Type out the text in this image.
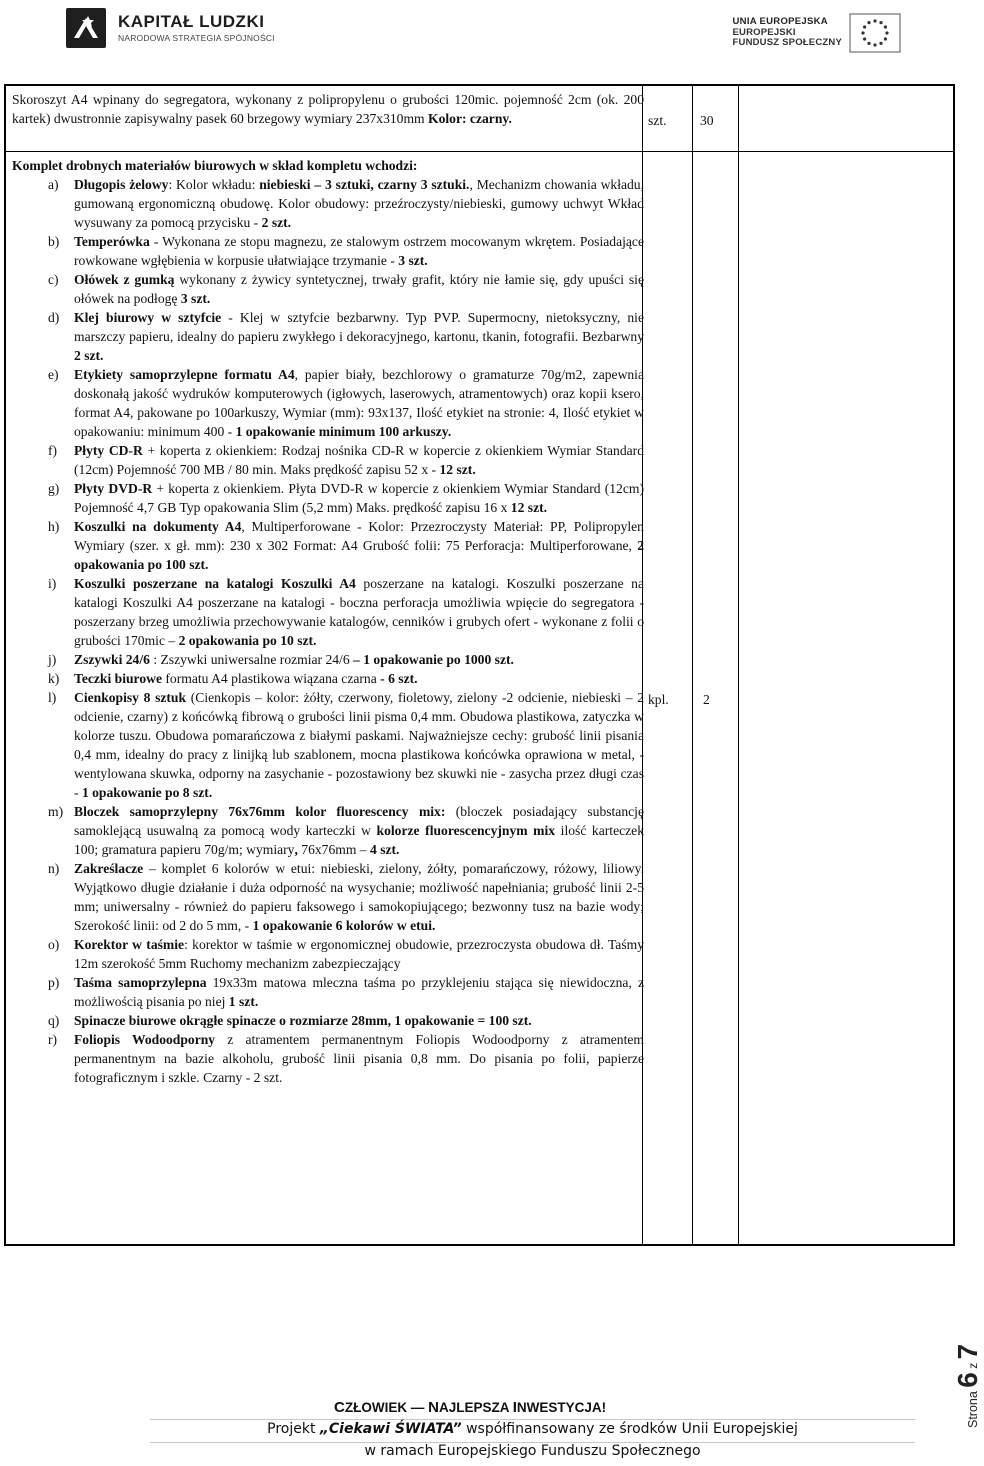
KAPITAŁ LUDZKI
NARODOWA STRATEGIA SPÓJNOŚCI
UNIA EUROPEJSKA
EUROPEJSKI
FUNDUSZ SPOŁECZNY

Skoroszyt A4 wpinany do segregatora, wykonany z polipropylenu o grubości 120mic. pojemność 2cm (ok. 200 kartek) dwustronnie zapisywalny pasek 60 brzegowy wymiary 237x310mm Kolor: czarny.	szt. 30

Komplet drobnych materiałów biurowych w skład kompletu wchodzi:

a) Długopis żelowy: Kolor wkładu: niebieski – 3 sztuki, czarny 3 sztuki., Mechanizm chowania wkładu, gumowaną ergonomiczną obudowę. Kolor obudowy: przeźroczysty/niebieski, gumowy uchwyt Wkład wysuwany za pomocą przycisku - 2 szt.

b) Temperówka - Wykonana ze stopu magnezu, ze stalowym ostrzem mocowanym wkrętem. Posiadające rowkowane wgłębienia w korpusie ułatwiające trzymanie - 3 szt.

c) Ołówek z gumką wykonany z żywicy syntetycznej, trwały grafit, który nie łamie się, gdy upuści się ołówek na podłogę 3 szt.

d) Klej biurowy w sztyfcie - Klej w sztyfcie bezbarwny. Typ PVP. Supermocny, nietoksyczny, nie marszczy papieru, idealny do papieru zwykłego i dekoracyjnego, kartonu, tkanin, fotografii. Bezbarwny 2 szt.

e) Etykiety samoprzylepne formatu A4, papier biały, bezchlorowy o gramaturze 70g/m2, zapewnia doskonałą jakość wydruków komputerowych (igłowych, laserowych, atramentowych) oraz kopii ksero, format A4, pakowane po 100arkuszy, Wymiar (mm): 93x137, Ilość etykiet na stronie: 4, Ilość etykiet w opakowaniu: minimum 400 - 1 opakowanie minimum 100 arkuszy.

f) Płyty CD-R + koperta z okienkiem: Rodzaj nośnika CD-R w kopercie z okienkiem Wymiar Standard (12cm) Pojemność 700 MB / 80 min. Maks prędkość zapisu 52 x - 12 szt.

g) Płyty DVD-R + koperta z okienkiem. Płyta DVD-R w kopercie z okienkiem Wymiar Standard (12cm) Pojemność 4,7 GB Typ opakowania Slim (5,2 mm) Maks. prędkość zapisu 16 x 12 szt.

h) Koszulki na dokumenty A4, Multiperforowane - Kolor: Przezroczysty Materiał: PP, Polipropylen Wymiary (szer. x gł. mm): 230 x 302 Format: A4 Grubość folii: 75 Perforacja: Multiperforowane, 2 opakowania po 100 szt.

i) Koszulki poszerzane na katalogi Koszulki A4 poszerzane na katalogi. Koszulki poszerzane na katalogi Koszulki A4 poszerzane na katalogi - boczna perforacja umożliwia wpięcie do segregatora - poszerzany brzeg umożliwia przechowywanie katalogów, cenników i grubych ofert - wykonane z folii o grubości 170mic – 2 opakowania po 10 szt.

j) Zszywki 24/6 : Zszywki uniwersalne rozmiar 24/6 – 1 opakowanie po 1000 szt.

k) Teczki biurowe formatu A4 plastikowa wiązana czarna - 6 szt.

l) Cienkopisy 8 sztuk (Cienkopis – kolor: żółty, czerwony, fioletowy, zielony -2 odcienie, niebieski – 2 odcienie, czarny) z końcówką fibrową o grubości linii pisma 0,4 mm. Obudowa plastikowa, zatyczka w kolorze tuszu. Obudowa pomarańczowa z białymi paskami. Najważniejsze cechy: grubość linii pisania 0,4 mm, idealny do pracy z linijką lub szablonem, mocna plastikowa końcówka oprawiona w metal, - wentylowana skuwka, odporny na zasychanie - pozostawiony bez skuwki nie - zasycha przez długi czas - 1 opakowanie po 8 szt.

m) Bloczek samoprzylepny 76x76mm kolor fluorescency mix: (bloczek posiadający substancję samoklejącą usuwalną za pomocą wody karteczki w kolorze fluorescencyjnym mix ilość karteczek 100; gramatura papieru 70g/m; wymiary, 76x76mm – 4 szt.

n) Zakreślacze – komplet 6 kolorów w etui: niebieski, zielony, żółty, pomarańczowy, różowy, liliowy. Wyjątkowo długie działanie i duża odporność na wysychanie; możliwość napełniania; grubość linii 2-5 mm; uniwersalny - również do papieru faksowego i samokopiującego; bezwonny tusz na bazie wody; Szerokość linii: od 2 do 5 mm, - 1 opakowanie 6 kolorów w etui.

o) Korektor w taśmie: korektor w taśmie w ergonomicznej obudowie, przezroczysta obudowa dł. Taśmy 12m szerokość 5mm Ruchomy mechanizm zabezpieczający

p) Taśma samoprzylepna 19x33m matowa mleczna taśma po przyklejeniu stająca się niewidoczna, z możliwością pisania po niej 1 szt.

q) Spinacze biurowe okrągłe spinacze o rozmiarze 28mm, 1 opakowanie = 100 szt.

r) Foliopis Wodoodporny z atramentem permanentnym Foliopis Wodoodporny z atramentem permanentnym na bazie alkoholu, grubość linii pisania 0,8 mm. Do pisania po folii, papierze fotograficznym i szkle. Czarny - 2 szt.

kpl.	2
Strona 6 z 7
CZŁOWIEK — NAJLEPSZA INWESTYCJA!
Projekt „Ciekawi ŚWIATA” współfinansowany ze środków Unii Europejskiej
w ramach Europejskiego Funduszu Społecznego
